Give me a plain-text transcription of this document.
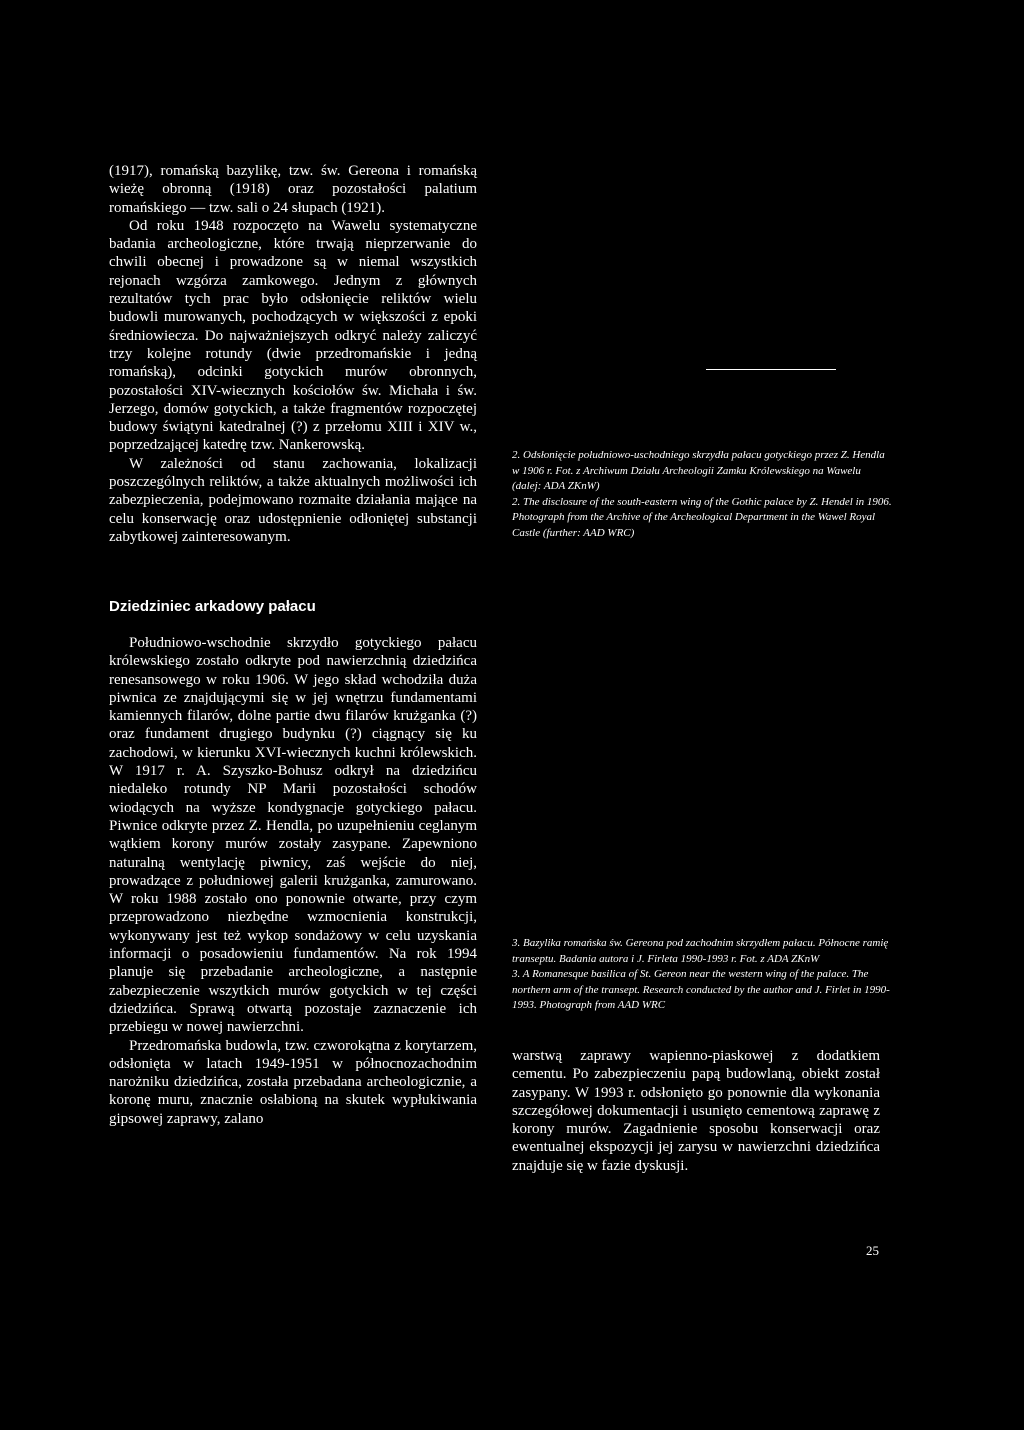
(1917), romańską bazylikę, tzw. św. Gereona i romańską wieżę obronną (1918) oraz pozostałości palatium romańskiego — tzw. sali o 24 słupach (1921).

Od roku 1948 rozpoczęto na Wawelu systematyczne badania archeologiczne, które trwają nieprzerwanie do chwili obecnej i prowadzone są w niemal wszystkich rejonach wzgórza zamkowego. Jednym z głównych rezultatów tych prac było odsłonięcie reliktów wielu budowli murowanych, pochodzących w większości z epoki średniowiecza. Do najważniejszych odkryć należy zaliczyć trzy kolejne rotundy (dwie przedromańskie i jedną romańską), odcinki gotyckich murów obronnych, pozostałości XIV-wiecznych kościołów św. Michała i św. Jerzego, domów gotyckich, a także fragmentów rozpoczętej budowy świątyni katedralnej (?) z przełomu XIII i XIV w., poprzedzającej katedrę tzw. Nankerowską.

W zależności od stanu zachowania, lokalizacji poszczególnych reliktów, a także aktualnych możliwości ich zabezpieczenia, podejmowano rozmaite działania mające na celu konserwację oraz udostępnienie odłoniętej substancji zabytkowej zainteresowanym.

2. Odsłonięcie południowo-uschodniego skrzydła pałacu gotyckiego przez Z. Hendla w 1906 r. Fot. z Archiwum Działu Archeologii Zamku Królewskiego na Wawelu (dalej: ADA ZKnW)

2. The disclosure of the south-eastern wing of the Gothic palace by Z. Hendel in 1906. Photograph from the Archive of the Archeological Department in the Wawel Royal Castle (further: AAD WRC)

Dziedziniec arkadowy pałacu

Południowo-wschodnie skrzydło gotyckiego pałacu królewskiego zostało odkryte pod nawierzchnią dziedzińca renesansowego w roku 1906. W jego skład wchodziła duża piwnica ze znajdującymi się w jej wnętrzu fundamentami kamiennych filarów, dolne partie dwu filarów krużganka (?) oraz fundament drugiego budynku (?) ciągnący się ku zachodowi, w kierunku XVI-wiecznych kuchni królewskich. W 1917 r. A. Szyszko-Bohusz odkrył na dziedzińcu niedaleko rotundy NP Marii pozostałości schodów wiodących na wyższe kondygnacje gotyckiego pałacu. Piwnice odkryte przez Z. Hendla, po uzupełnieniu ceglanym wątkiem korony murów zostały zasypane. Zapewniono naturalną wentylację piwnicy, zaś wejście do niej, prowadzące z południowej galerii krużganka, zamurowano. W roku 1988 zostało ono ponownie otwarte, przy czym przeprowadzono niezbędne wzmocnienia konstrukcji, wykonywany jest też wykop sondażowy w celu uzyskania informacji o posadowieniu fundamentów. Na rok 1994 planuje się przebadanie archeologiczne, a następnie zabezpieczenie wszytkich murów gotyckich w tej części dziedzińca. Sprawą otwartą pozostaje zaznaczenie ich przebiegu w nowej nawierzchni.

Przedromańska budowla, tzw. czworokątna z korytarzem, odsłonięta w latach 1949-1951 w północnozachodnim narożniku dziedzińca, została przebadana archeologicznie, a koronę muru, znacznie osłabioną na skutek wypłukiwania gipsowej zaprawy, zalano

3. Bazylika romańska św. Gereona pod zachodnim skrzydłem pałacu. Północne ramię transeptu. Badania autora i J. Firleta 1990-1993 r. Fot. z ADA ZKnW

3. A Romanesque basilica of St. Gereon near the western wing of the palace. The northern arm of the transept. Research conducted by the author and J. Firlet in 1990-1993. Photograph from AAD WRC

warstwą zaprawy wapienno-piaskowej z dodatkiem cementu. Po zabezpieczeniu papą budowlaną, obiekt został zasypany. W 1993 r. odsłonięto go ponownie dla wykonania szczegółowej dokumentacji i usunięto cementową zaprawę z korony murów. Zagadnienie sposobu konserwacji oraz ewentualnej ekspozycji jej zarysu w nawierzchni dziedzińca znajduje się w fazie dyskusji.

25
